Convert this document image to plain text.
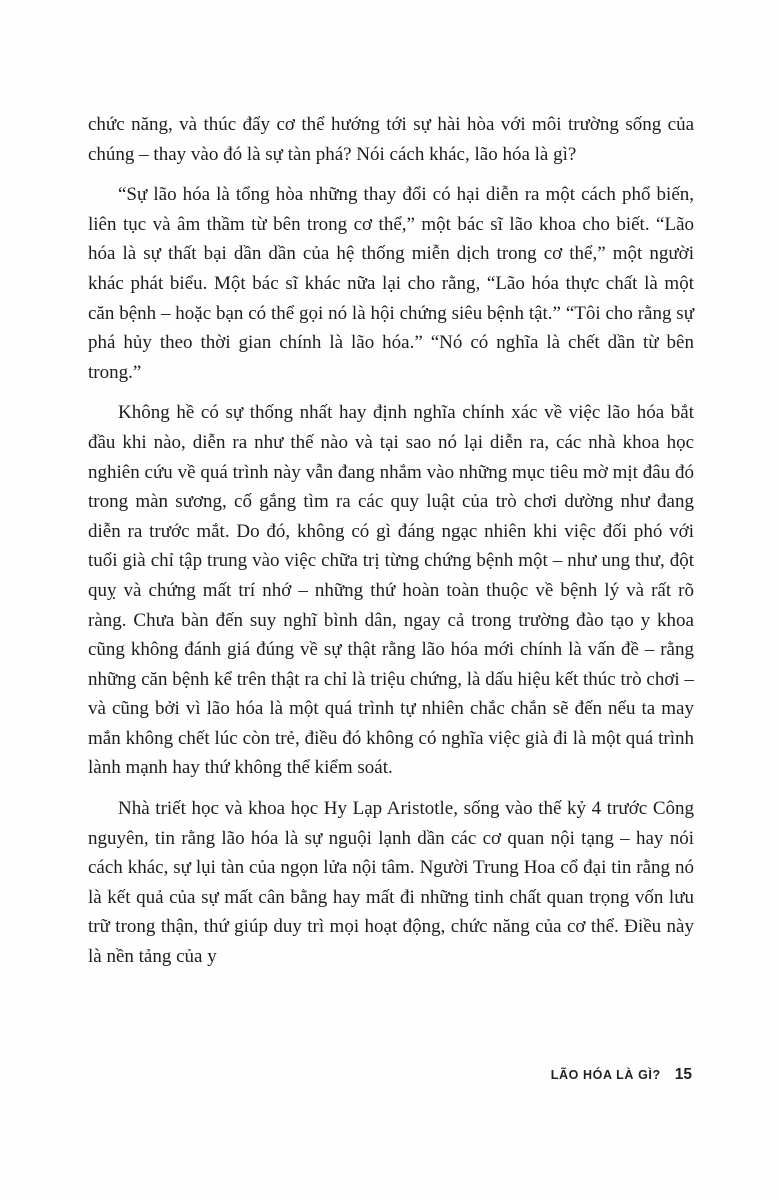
chức năng, và thúc đẩy cơ thể hướng tới sự hài hòa với môi trường sống của chúng – thay vào đó là sự tàn phá? Nói cách khác, lão hóa là gì?

“Sự lão hóa là tổng hòa những thay đổi có hại diễn ra một cách phổ biến, liên tục và âm thầm từ bên trong cơ thể,” một bác sĩ lão khoa cho biết. “Lão hóa là sự thất bại dần dần của hệ thống miễn dịch trong cơ thể,” một người khác phát biểu. Một bác sĩ khác nữa lại cho rằng, “Lão hóa thực chất là một căn bệnh – hoặc bạn có thể gọi nó là hội chứng siêu bệnh tật.” “Tôi cho rằng sự phá hủy theo thời gian chính là lão hóa.” “Nó có nghĩa là chết dần từ bên trong.”

Không hề có sự thống nhất hay định nghĩa chính xác về việc lão hóa bắt đầu khi nào, diễn ra như thế nào và tại sao nó lại diễn ra, các nhà khoa học nghiên cứu về quá trình này vẫn đang nhắm vào những mục tiêu mờ mịt đâu đó trong màn sương, cố gắng tìm ra các quy luật của trò chơi dường như đang diễn ra trước mắt. Do đó, không có gì đáng ngạc nhiên khi việc đối phó với tuổi già chỉ tập trung vào việc chữa trị từng chứng bệnh một – như ung thư, đột quỵ và chứng mất trí nhớ – những thứ hoàn toàn thuộc về bệnh lý và rất rõ ràng. Chưa bàn đến suy nghĩ bình dân, ngay cả trong trường đào tạo y khoa cũng không đánh giá đúng về sự thật rằng lão hóa mới chính là vấn đề – rằng những căn bệnh kể trên thật ra chỉ là triệu chứng, là dấu hiệu kết thúc trò chơi – và cũng bởi vì lão hóa là một quá trình tự nhiên chắc chắn sẽ đến nếu ta may mắn không chết lúc còn trẻ, điều đó không có nghĩa việc già đi là một quá trình lành mạnh hay thứ không thể kiểm soát.

Nhà triết học và khoa học Hy Lạp Aristotle, sống vào thế kỷ 4 trước Công nguyên, tin rằng lão hóa là sự nguội lạnh dần các cơ quan nội tạng – hay nói cách khác, sự lụi tàn của ngọn lửa nội tâm. Người Trung Hoa cổ đại tin rằng nó là kết quả của sự mất cân bằng hay mất đi những tinh chất quan trọng vốn lưu trữ trong thận, thứ giúp duy trì mọi hoạt động, chức năng của cơ thể. Điều này là nền tảng của y

LÃO HÓA LÀ GÌ? 15
